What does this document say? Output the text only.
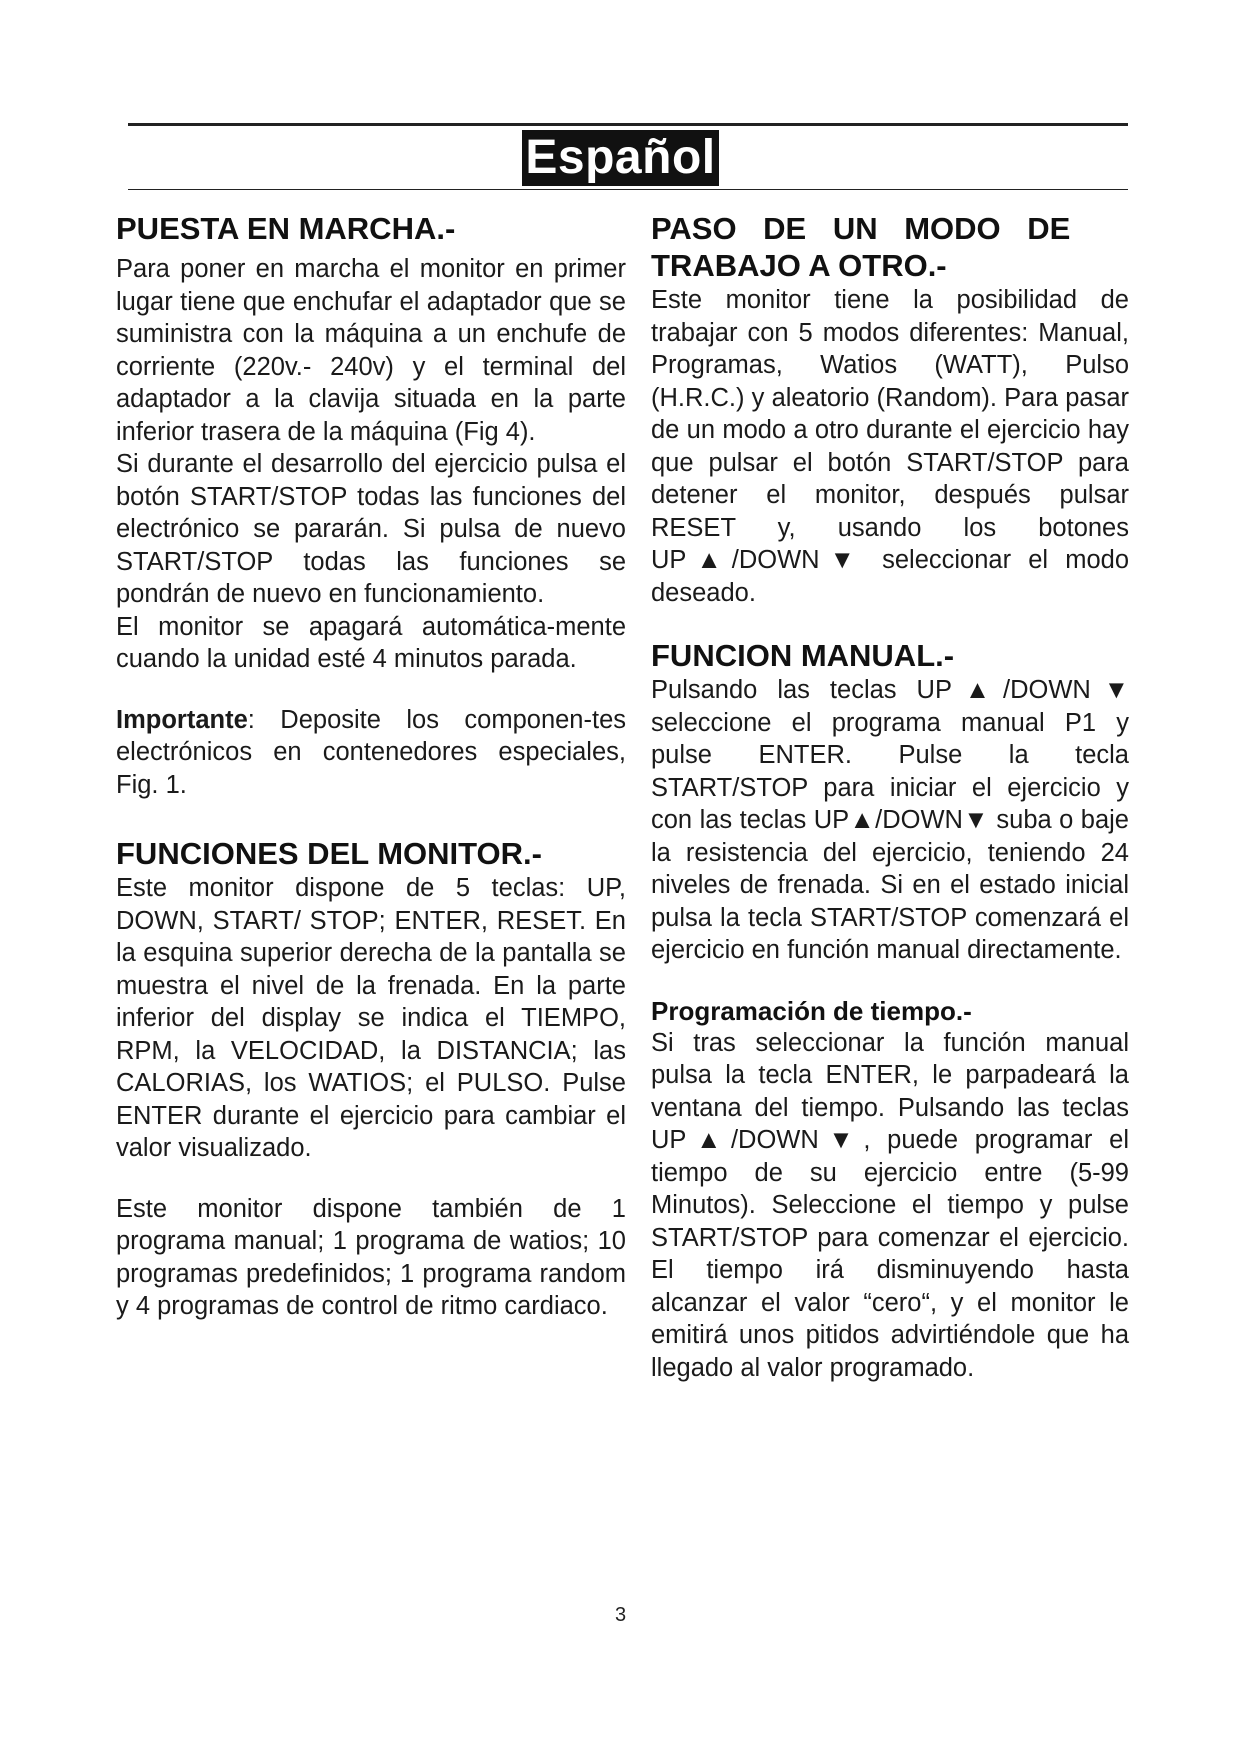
Español
PUESTA EN MARCHA.-

Para poner en marcha el monitor en primer lugar tiene que enchufar el adaptador que se suministra con la máquina a un enchufe de corriente (220v.- 240v) y el terminal del adaptador a la clavija situada en la parte inferior trasera de la máquina (Fig 4).

Si durante el desarrollo del ejercicio pulsa el botón START/STOP todas las funciones del electrónico se pararán. Si pulsa de nuevo START/STOP todas las funciones se pondrán de nuevo en funcionamiento.

El monitor se apagará automática-mente cuando la unidad esté 4 minutos parada.

Importante: Deposite los componen-tes electrónicos en contenedores especiales, Fig. 1.

FUNCIONES DEL MONITOR.-

Este monitor dispone de 5 teclas: UP, DOWN, START/ STOP; ENTER, RESET. En la esquina superior derecha de la pantalla se muestra el nivel de la frenada. En la parte inferior del display se indica el TIEMPO, RPM, la VELOCIDAD, la DISTANCIA; las CALORIAS, los WATIOS; el PULSO. Pulse ENTER durante el ejercicio para cambiar el valor visualizado.

Este monitor dispone también de 1 programa manual; 1 programa de watios; 10 programas predefinidos; 1 programa random y 4 programas de control de ritmo cardiaco.

PASO DE UN MODO DE
TRABAJO A OTRO.-

Este monitor tiene la posibilidad de trabajar con 5 modos diferentes: Manual, Programas, Watios (WATT), Pulso (H.R.C.) y aleatorio (Random). Para pasar de un modo a otro durante el ejercicio hay que pulsar el botón START/STOP para detener el monitor, después pulsar RESET y, usando los botones UP▲/DOWN▼ seleccionar el modo deseado.

FUNCION MANUAL.-

Pulsando las teclas UP▲/DOWN▼ seleccione el programa manual P1 y pulse ENTER. Pulse la tecla START/STOP para iniciar el ejercicio y con las teclas UP▲/DOWN▼ suba o baje la resistencia del ejercicio, teniendo 24 niveles de frenada. Si en el estado inicial pulsa la tecla START/STOP comenzará el ejercicio en función manual directamente.

Programación de tiempo.-

Si tras seleccionar la función manual pulsa la tecla ENTER, le parpadeará la ventana del tiempo. Pulsando las teclas UP▲/DOWN▼, puede programar el tiempo de su ejercicio entre (5-99 Minutos). Seleccione el tiempo y pulse START/STOP para comenzar el ejercicio. El tiempo irá disminuyendo hasta alcanzar el valor “cero“, y el monitor le emitirá unos pitidos advirtiéndole que ha llegado al valor programado.

3
